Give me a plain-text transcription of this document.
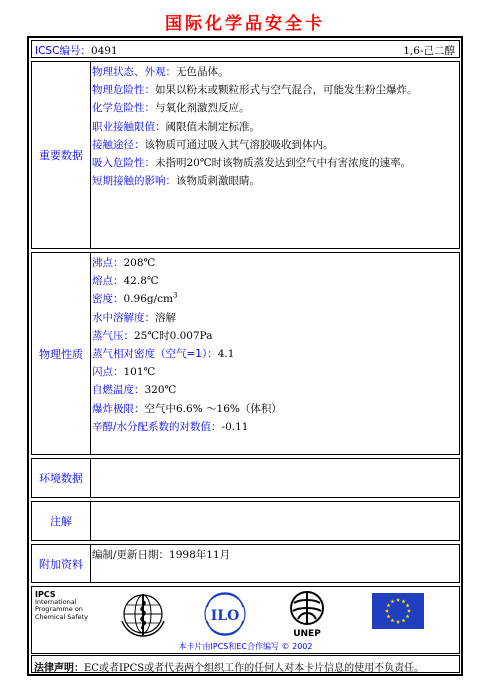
国际化学品安全卡
ICSC编号：0491	1,6-己二醇
重要数据
物理状态、外观：无色晶体。
物理危险性：如果以粉末或颗粒形式与空气混合，可能发生粉尘爆炸。
化学危险性：与氧化剂激烈反应。
职业接触限值：阈限值未制定标准。
接触途径：该物质可通过吸入其气溶胶吸收到体内。
吸入危险性：未指明20℃时该物质蒸发达到空气中有害浓度的速率。
短期接触的影响：该物质刺激眼睛。
物理性质
沸点：208℃
熔点：42.8℃
密度：$0.96g/cm^3$
水中溶解度：溶解
蒸气压：25℃时0.007Pa
蒸气相对密度（空气=1）：4.1
闪点：101℃
自燃温度：320℃
爆炸极限：空气中6.6% ～16%（体积）
辛醇/水分配系数的对数值：-0.11
环境数据
注解
附加资料
编制/更新日期：1998年11月
IPCS
International
Programme on
Chemical Safety	ILO
UNEP
本卡片由IPCS和EC合作编写 © 2002
法律声明：EC或者IPCS或者代表两个组织工作的任何人对本卡片信息的使用不负责任。
